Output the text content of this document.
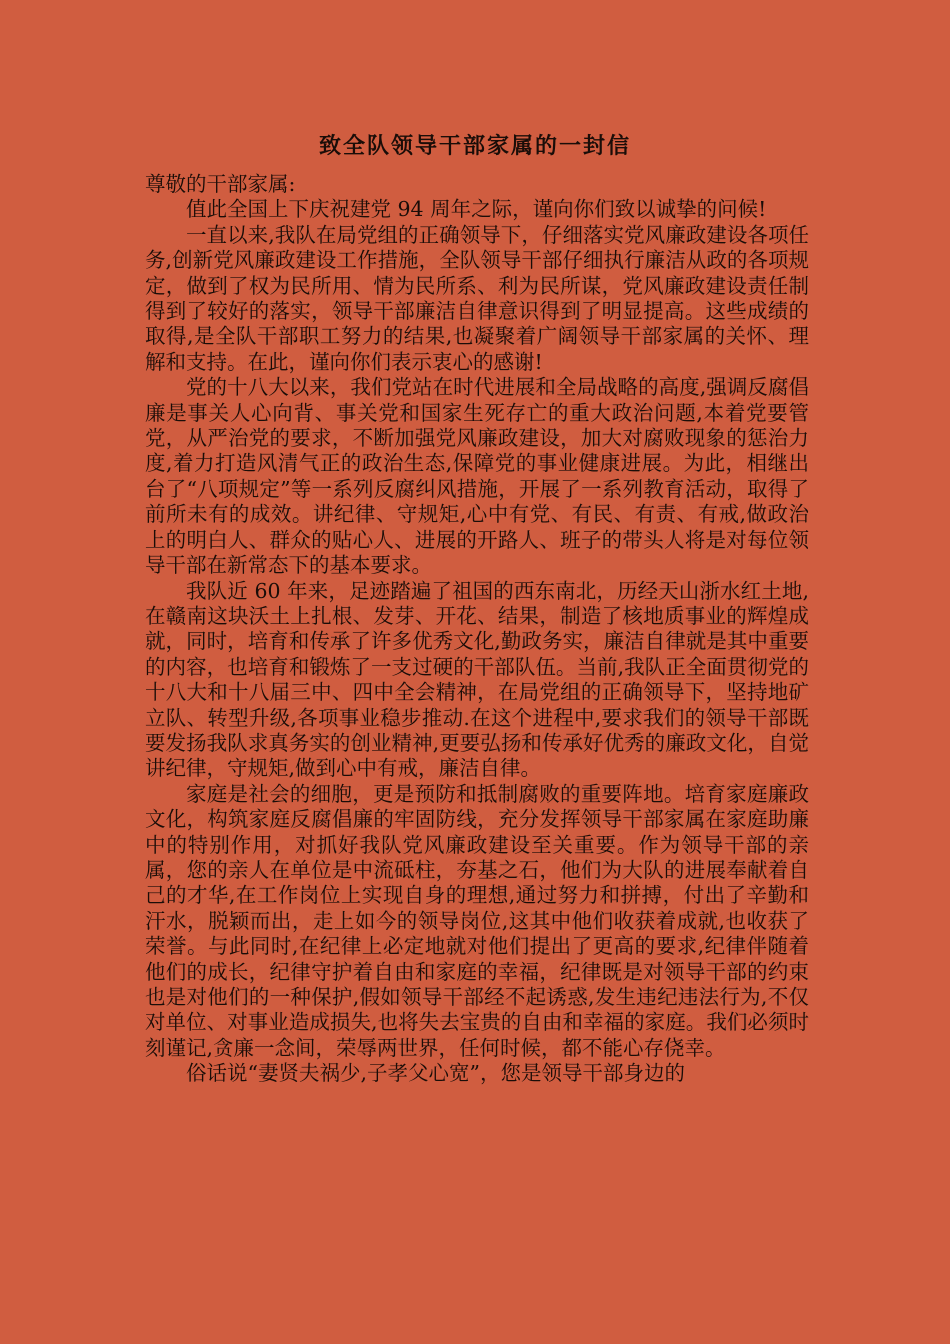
致全队领导干部家属的一封信

尊敬的干部家属:

值此全国上下庆祝建党 94 周年之际，谨向你们致以诚挚的问候!

一直以来,我队在局党组的正确领导下，仔细落实党风廉政建设各项任务,创新党风廉政建设工作措施，全队领导干部仔细执行廉洁从政的各项规定，做到了权为民所用、情为民所系、利为民所谋，党风廉政建设责任制得到了较好的落实，领导干部廉洁自律意识得到了明显提高。这些成绩的取得,是全队干部职工努力的结果,也凝聚着广阔领导干部家属的关怀、理解和支持。在此，谨向你们表示衷心的感谢!

党的十八大以来，我们党站在时代进展和全局战略的高度,强调反腐倡廉是事关人心向背、事关党和国家生死存亡的重大政治问题,本着党要管党，从严治党的要求，不断加强党风廉政建设，加大对腐败现象的惩治力度,着力打造风清气正的政治生态,保障党的事业健康进展。为此，相继出台了“八项规定”等一系列反腐纠风措施，开展了一系列教育活动，取得了前所未有的成效。讲纪律、守规矩,心中有党、有民、有责、有戒,做政治上的明白人、群众的贴心人、进展的开路人、班子的带头人将是对每位领导干部在新常态下的基本要求。

我队近 60 年来，足迹踏遍了祖国的西东南北，历经天山浙水红土地,在赣南这块沃土上扎根、发芽、开花、结果，制造了核地质事业的辉煌成就，同时，培育和传承了许多优秀文化,勤政务实，廉洁自律就是其中重要的内容，也培育和锻炼了一支过硬的干部队伍。当前,我队正全面贯彻党的十八大和十八届三中、四中全会精神，在局党组的正确领导下，坚持地矿立队、转型升级,各项事业稳步推动.在这个进程中,要求我们的领导干部既要发扬我队求真务实的创业精神,更要弘扬和传承好优秀的廉政文化，自觉讲纪律，守规矩,做到心中有戒，廉洁自律。

家庭是社会的细胞，更是预防和抵制腐败的重要阵地。培育家庭廉政文化，构筑家庭反腐倡廉的牢固防线，充分发挥领导干部家属在家庭助廉中的特别作用，对抓好我队党风廉政建设至关重要。作为领导干部的亲属，您的亲人在单位是中流砥柱，夯基之石，他们为大队的进展奉献着自己的才华,在工作岗位上实现自身的理想,通过努力和拼搏，付出了辛勤和汗水，脱颖而出，走上如今的领导岗位,这其中他们收获着成就,也收获了荣誉。与此同时,在纪律上必定地就对他们提出了更高的要求,纪律伴随着他们的成长，纪律守护着自由和家庭的幸福，纪律既是对领导干部的约束也是对他们的一种保护,假如领导干部经不起诱惑,发生违纪违法行为,不仅对单位、对事业造成损失,也将失去宝贵的自由和幸福的家庭。我们必须时刻谨记,贪廉一念间，荣辱两世界，任何时候，都不能心存侥幸。

俗话说“妻贤夫祸少,子孝父心宽”，您是领导干部身边的
